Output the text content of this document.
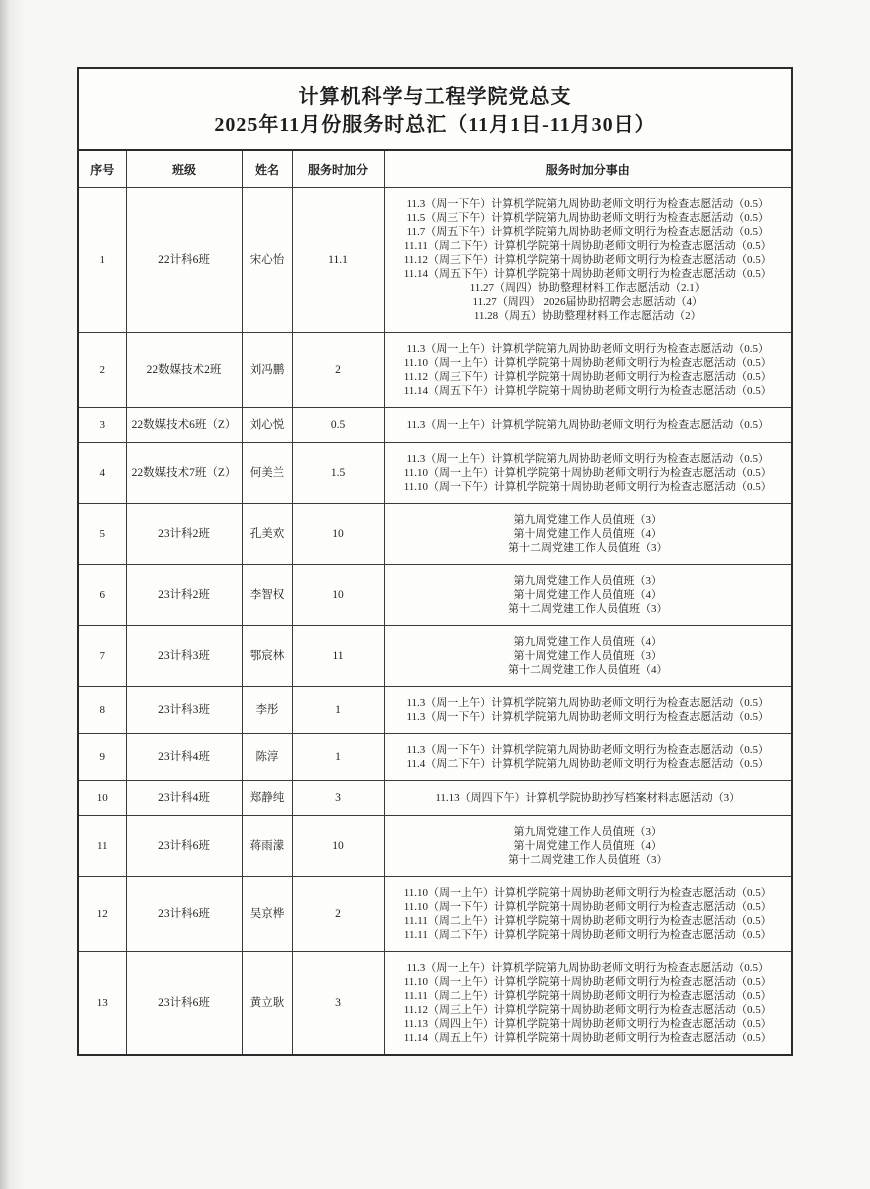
计算机科学与工程学院党总支
2025年11月份服务时总汇（11月1日-11月30日）
序号	班级	姓名	服务时加分	服务时加分事由
1	22计科6班	宋心怡	11.1	
11.3（周一下午）计算机学院第九周协助老师文明行为检查志愿活动（0.5）
11.5（周三下午）计算机学院第九周协助老师文明行为检查志愿活动（0.5）
11.7（周五下午）计算机学院第九周协助老师文明行为检查志愿活动（0.5）
11.11（周二下午）计算机学院第十周协助老师文明行为检查志愿活动（0.5）
11.12（周三下午）计算机学院第十周协助老师文明行为检查志愿活动（0.5）
11.14（周五下午）计算机学院第十周协助老师文明行为检查志愿活动（0.5）
11.27（周四）协助整理材料工作志愿活动（2.1）
11.27（周四） 2026届协助招聘会志愿活动（4）
11.28（周五）协助整理材料工作志愿活动（2）

2	22数媒技术2班	刘冯鹏	2	11.3（周一上午）计算机学院第九周协助老师文明行为检查志愿活动（0.5）
11.10（周一上午）计算机学院第十周协助老师文明行为检查志愿活动（0.5）
11.12（周三下午）计算机学院第十周协助老师文明行为检查志愿活动（0.5）
11.14（周五下午）计算机学院第十周协助老师文明行为检查志愿活动（0.5）

3	22数媒技术6班（Z）	刘心悦	0.5	11.3（周一上午）计算机学院第九周协助老师文明行为检查志愿活动（0.5）

4	22数媒技术7班（Z）	何美兰	1.5	11.3（周一上午）计算机学院第九周协助老师文明行为检查志愿活动（0.5）
11.10（周一上午）计算机学院第十周协助老师文明行为检查志愿活动（0.5）
11.10（周一下午）计算机学院第十周协助老师文明行为检查志愿活动（0.5）

5	23计科2班	孔美欢	10	第九周党建工作人员值班（3）
第十周党建工作人员值班（4）
第十二周党建工作人员值班（3）

6	23计科2班	李智权	10	第九周党建工作人员值班（3）
第十周党建工作人员值班（4）
第十二周党建工作人员值班（3）

7	23计科3班	鄂宸林	11	第九周党建工作人员值班（4）
第十周党建工作人员值班（3）
第十二周党建工作人员值班（4）

8	23计科3班	李彤	1	11.3（周一上午）计算机学院第九周协助老师文明行为检查志愿活动（0.5）
11.3（周一下午）计算机学院第九周协助老师文明行为检查志愿活动（0.5）

9	23计科4班	陈淳	1	11.3（周一下午）计算机学院第九周协助老师文明行为检查志愿活动（0.5）
11.4（周二下午）计算机学院第九周协助老师文明行为检查志愿活动（0.5）

10	23计科4班	郑静纯	3	11.13（周四下午）计算机学院协助抄写档案材料志愿活动（3）

11	23计科6班	蒋雨濛	10	第九周党建工作人员值班（3）
第十周党建工作人员值班（4）
第十二周党建工作人员值班（3）

12	23计科6班	吴京桦	2	11.10（周一上午）计算机学院第十周协助老师文明行为检查志愿活动（0.5）
11.10（周一下午）计算机学院第十周协助老师文明行为检查志愿活动（0.5）
11.11（周二上午）计算机学院第十周协助老师文明行为检查志愿活动（0.5）
11.11（周二下午）计算机学院第十周协助老师文明行为检查志愿活动（0.5）

13	23计科6班	黄立耿	3	
11.3（周一上午）计算机学院第九周协助老师文明行为检查志愿活动（0.5）
11.10（周一上午）计算机学院第十周协助老师文明行为检查志愿活动（0.5）
11.11（周二上午）计算机学院第十周协助老师文明行为检查志愿活动（0.5）
11.12（周三上午）计算机学院第十周协助老师文明行为检查志愿活动（0.5）
11.13（周四上午）计算机学院第十周协助老师文明行为检查志愿活动（0.5）
11.14（周五上午）计算机学院第十周协助老师文明行为检查志愿活动（0.5）
